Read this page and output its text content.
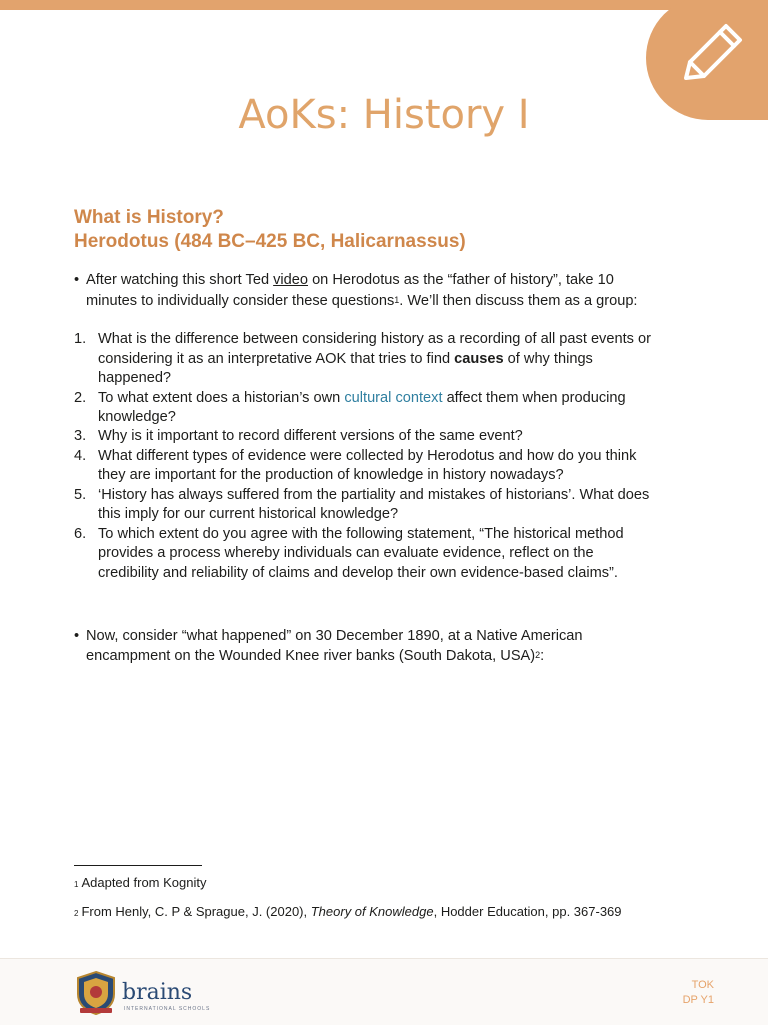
AoKs: History I
What is History?
Herodotus (484 BC–425 BC, Halicarnassus)
• After watching this short Ted video on Herodotus as the “father of history”, take 10
minutes to individually consider these questions$^1$. We’ll then discuss them as a group:
1. What is the difference between considering history as a recording of all past events or
considering it as an interpretative AOK that tries to find causes of why things
happened?
2. To what extent does a historian’s own cultural context affect them when producing
knowledge?
3. Why is it important to record different versions of the same event?
4. What different types of evidence were collected by Herodotus and how do you think
they are important for the production of knowledge in history nowadays?
5. ‘History has always suffered from the partiality and mistakes of historians’. What does
this imply for our current historical knowledge?
6. To which extent do you agree with the following statement, “The historical method
provides a process whereby individuals can evaluate evidence, reflect on the
credibility and reliability of claims and develop their own evidence-based claims”.
• Now, consider “what happened” on 30 December 1890, at a Native American
encampment on the Wounded Knee river banks (South Dakota, USA)$^2$:
1 Adapted from Kognity
2 From Henly, C. P & Sprague, J. (2020), Theory of Knowledge, Hodder Education, pp. 367-369
brains
INTERNATIONAL SCHOOLS
TOK
DP Y1
